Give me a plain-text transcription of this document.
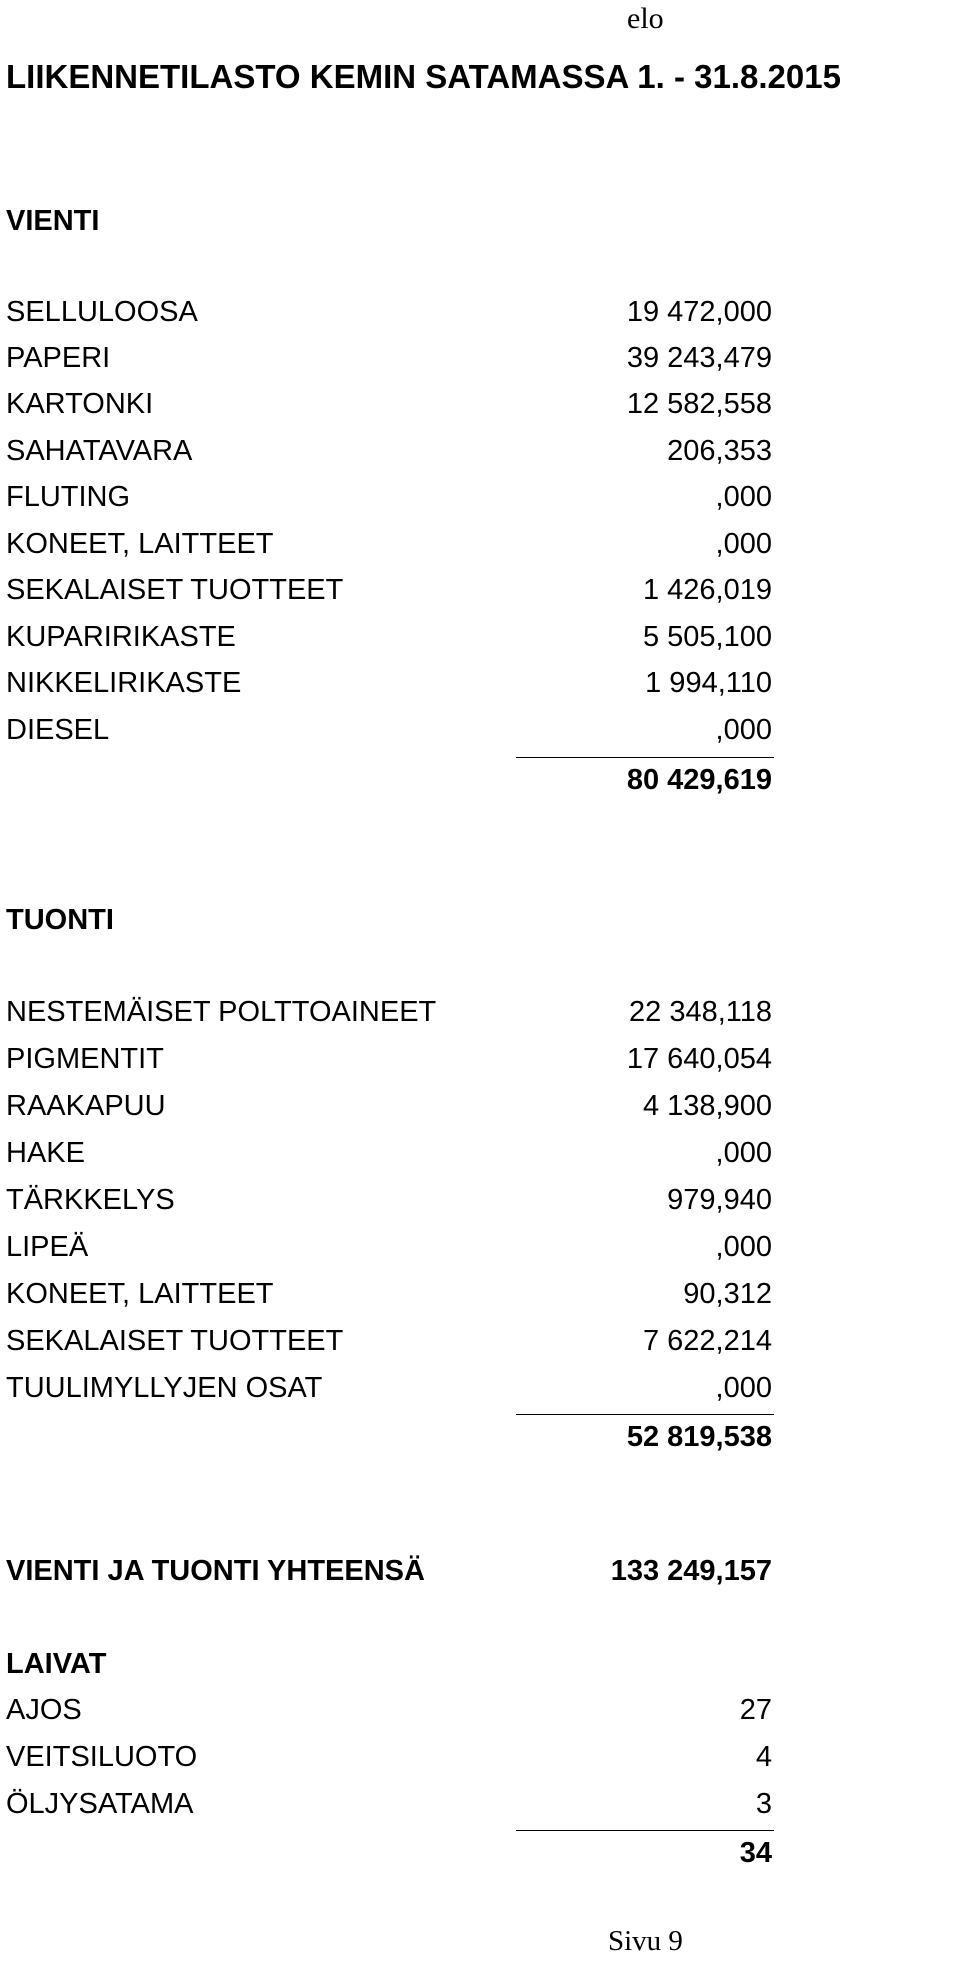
elo
LIIKENNETILASTO KEMIN SATAMASSA 1. - 31.8.2015
VIENTI
SELLULOOSA	19 472,000
PAPERI	39 243,479
KARTONKI	12 582,558
SAHATAVARA	206,353
FLUTING	,000
KONEET, LAITTEET	,000
SEKALAISET TUOTTEET	1 426,019
KUPARIRIKASTE	5 505,100
NIKKELIRIKASTE	1 994,110
DIESEL	,000
80 429,619
TUONTI
NESTEMÄISET POLTTOAINEET	22 348,118
PIGMENTIT	17 640,054
RAAKAPUU	4 138,900
HAKE	,000
TÄRKKELYS	979,940
LIPEÄ	,000
KONEET, LAITTEET	90,312
SEKALAISET TUOTTEET	7 622,214
TUULIMYLLYJEN OSAT	,000
52 819,538
VIENTI JA TUONTI YHTEENSÄ	133 249,157
LAIVAT
AJOS	27
VEITSILUOTO	4
ÖLJYSATAMA	3
34
Sivu 9
